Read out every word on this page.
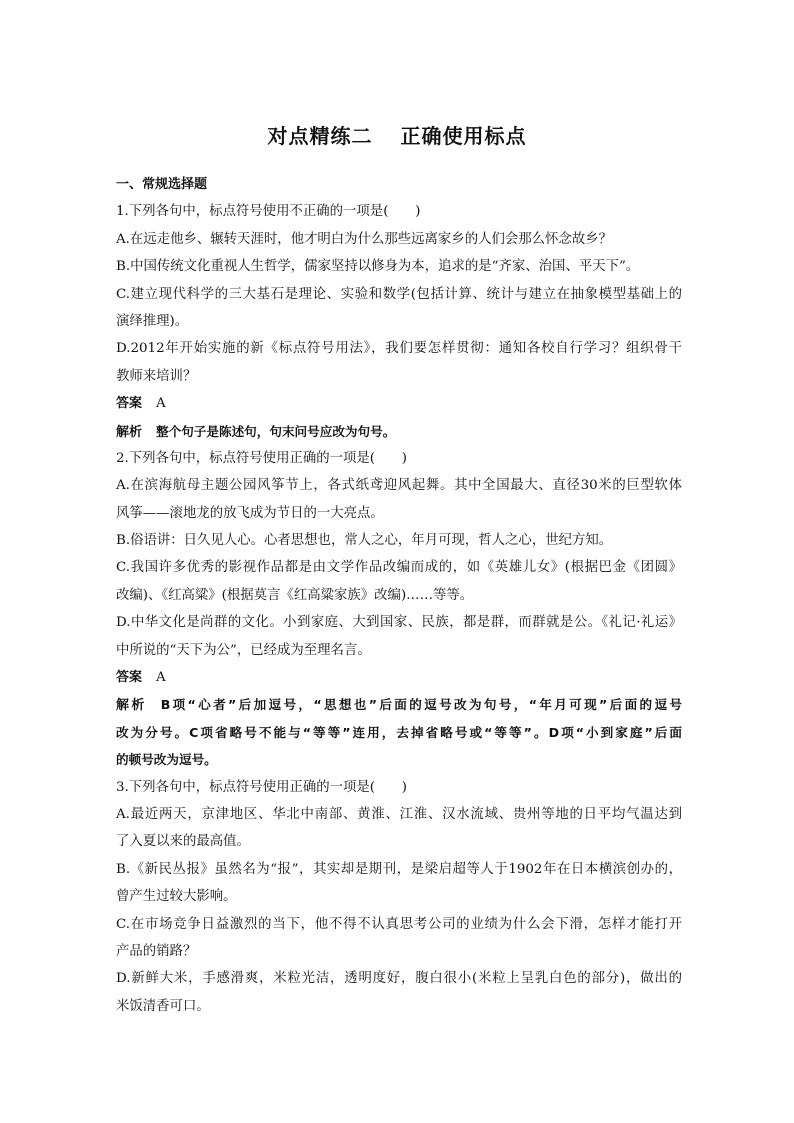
对点精练二 正确使用标点
一、常规选择题
1.下列各句中，标点符号使用不正确的一项是(　　)
A.在远走他乡、辗转天涯时，他才明白为什么那些远离家乡的人们会那么怀念故乡？
B.中国传统文化重视人生哲学，儒家坚持以修身为本，追求的是“齐家、治国、平天下”。
C.建立现代科学的三大基石是理论、实验和数学(包括计算、统计与建立在抽象模型基础上的
演绎推理)。
D.2012年开始实施的新《标点符号用法》，我们要怎样贯彻：通知各校自行学习？组织骨干
教师来培训？
答案 A
解析 整个句子是陈述句，句末问号应改为句号。
2.下列各句中，标点符号使用正确的一项是(　　)
A.在滨海航母主题公园风筝节上，各式纸鸢迎风起舞。其中全国最大、直径30米的巨型软体
风筝——滚地龙的放飞成为节日的一大亮点。
B.俗语讲：日久见人心。心者思想也，常人之心，年月可现，哲人之心，世纪方知。
C.我国许多优秀的影视作品都是由文学作品改编而成的，如《英雄儿女》(根据巴金《团圆》
改编)、《红高粱》(根据莫言《红高粱家族》改编)……等等。
D.中华文化是尚群的文化。小到家庭、大到国家、民族，都是群，而群就是公。《礼记·礼运》
中所说的“天下为公”，已经成为至理名言。
答案 A
解析 B项“心者”后加逗号，“思想也”后面的逗号改为句号，“年月可现”后面的逗号
改为分号。C项省略号不能与“等等”连用，去掉省略号或“等等”。D项“小到家庭”后面
的顿号改为逗号。
3.下列各句中，标点符号使用正确的一项是(　　)
A.最近两天，京津地区、华北中南部、黄淮、江淮、汉水流域、贵州等地的日平均气温达到
了入夏以来的最高值。
B.《新民丛报》虽然名为“报”，其实却是期刊，是梁启超等人于1902年在日本横滨创办的，
曾产生过较大影响。
C.在市场竞争日益激烈的当下，他不得不认真思考公司的业绩为什么会下滑，怎样才能打开
产品的销路？
D.新鲜大米，手感滑爽，米粒光洁，透明度好，腹白很小(米粒上呈乳白色的部分)，做出的
米饭清香可口。
